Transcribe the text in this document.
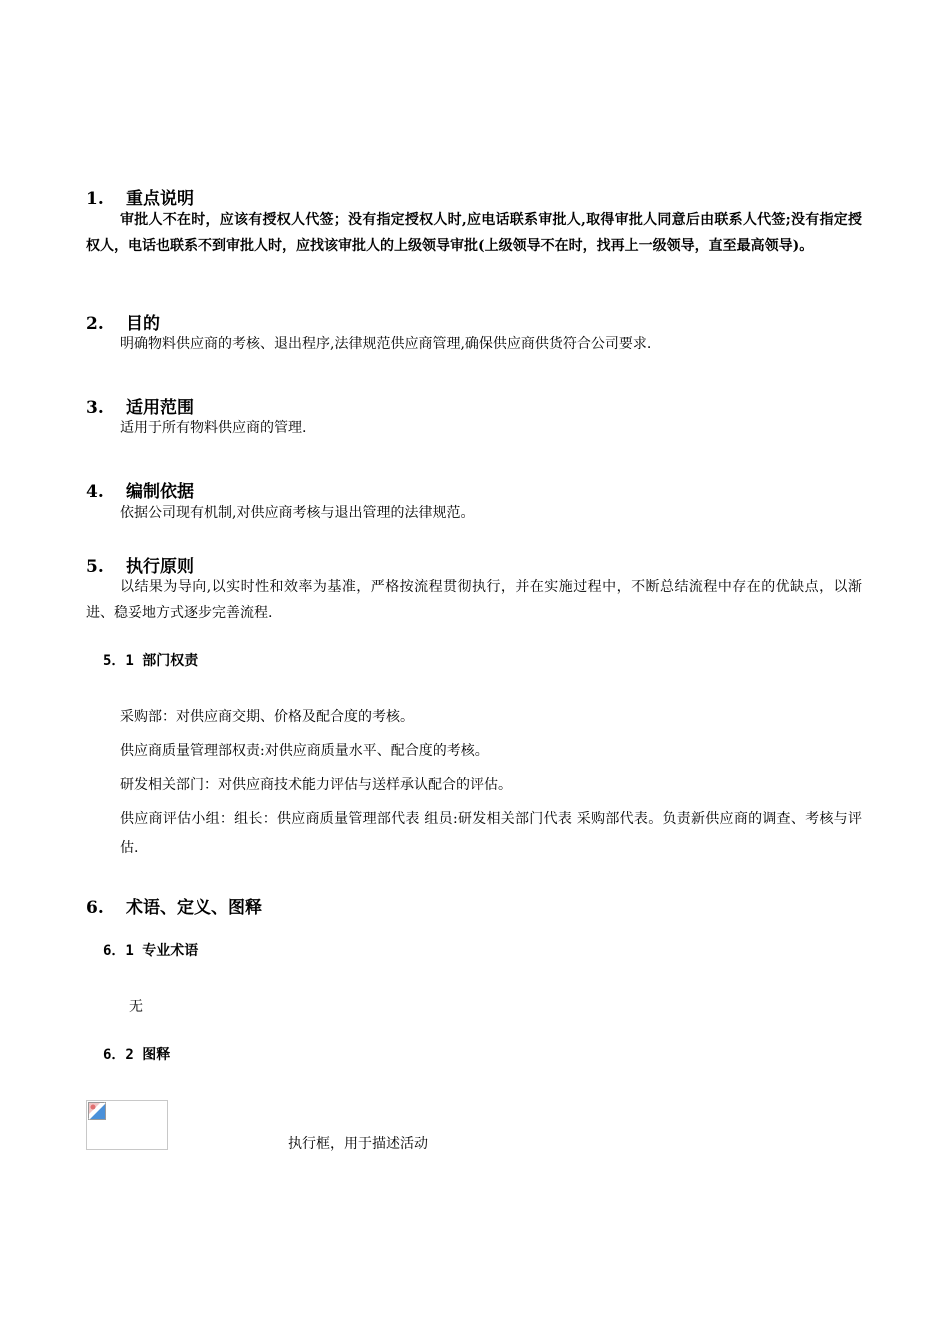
1. 重点说明
审批人不在时，应该有授权人代签；没有指定授权人时,应电话联系审批人,取得审批人同意后由联系人代签;没有指定授权人，电话也联系不到审批人时，应找该审批人的上级领导审批(上级领导不在时，找再上一级领导，直至最高领导)。
2. 目的
明确物料供应商的考核、退出程序,法律规范供应商管理,确保供应商供货符合公司要求.
3. 适用范围
适用于所有物料供应商的管理.
4. 编制依据
依据公司现有机制,对供应商考核与退出管理的法律规范。
5. 执行原则
以结果为导向,以实时性和效率为基准，严格按流程贯彻执行，并在实施过程中，不断总结流程中存在的优缺点，以渐进、稳妥地方式逐步完善流程.
5．1 部门权责
采购部：对供应商交期、价格及配合度的考核。
供应商质量管理部权责:对供应商质量水平、配合度的考核。
研发相关部门：对供应商技术能力评估与送样承认配合的评估。
供应商评估小组：组长：供应商质量管理部代表 组员:研发相关部门代表 采购部代表。负责新供应商的调查、考核与评估.
6. 术语、定义、图释
6．1 专业术语
无
6．2 图释
执行框，用于描述活动
